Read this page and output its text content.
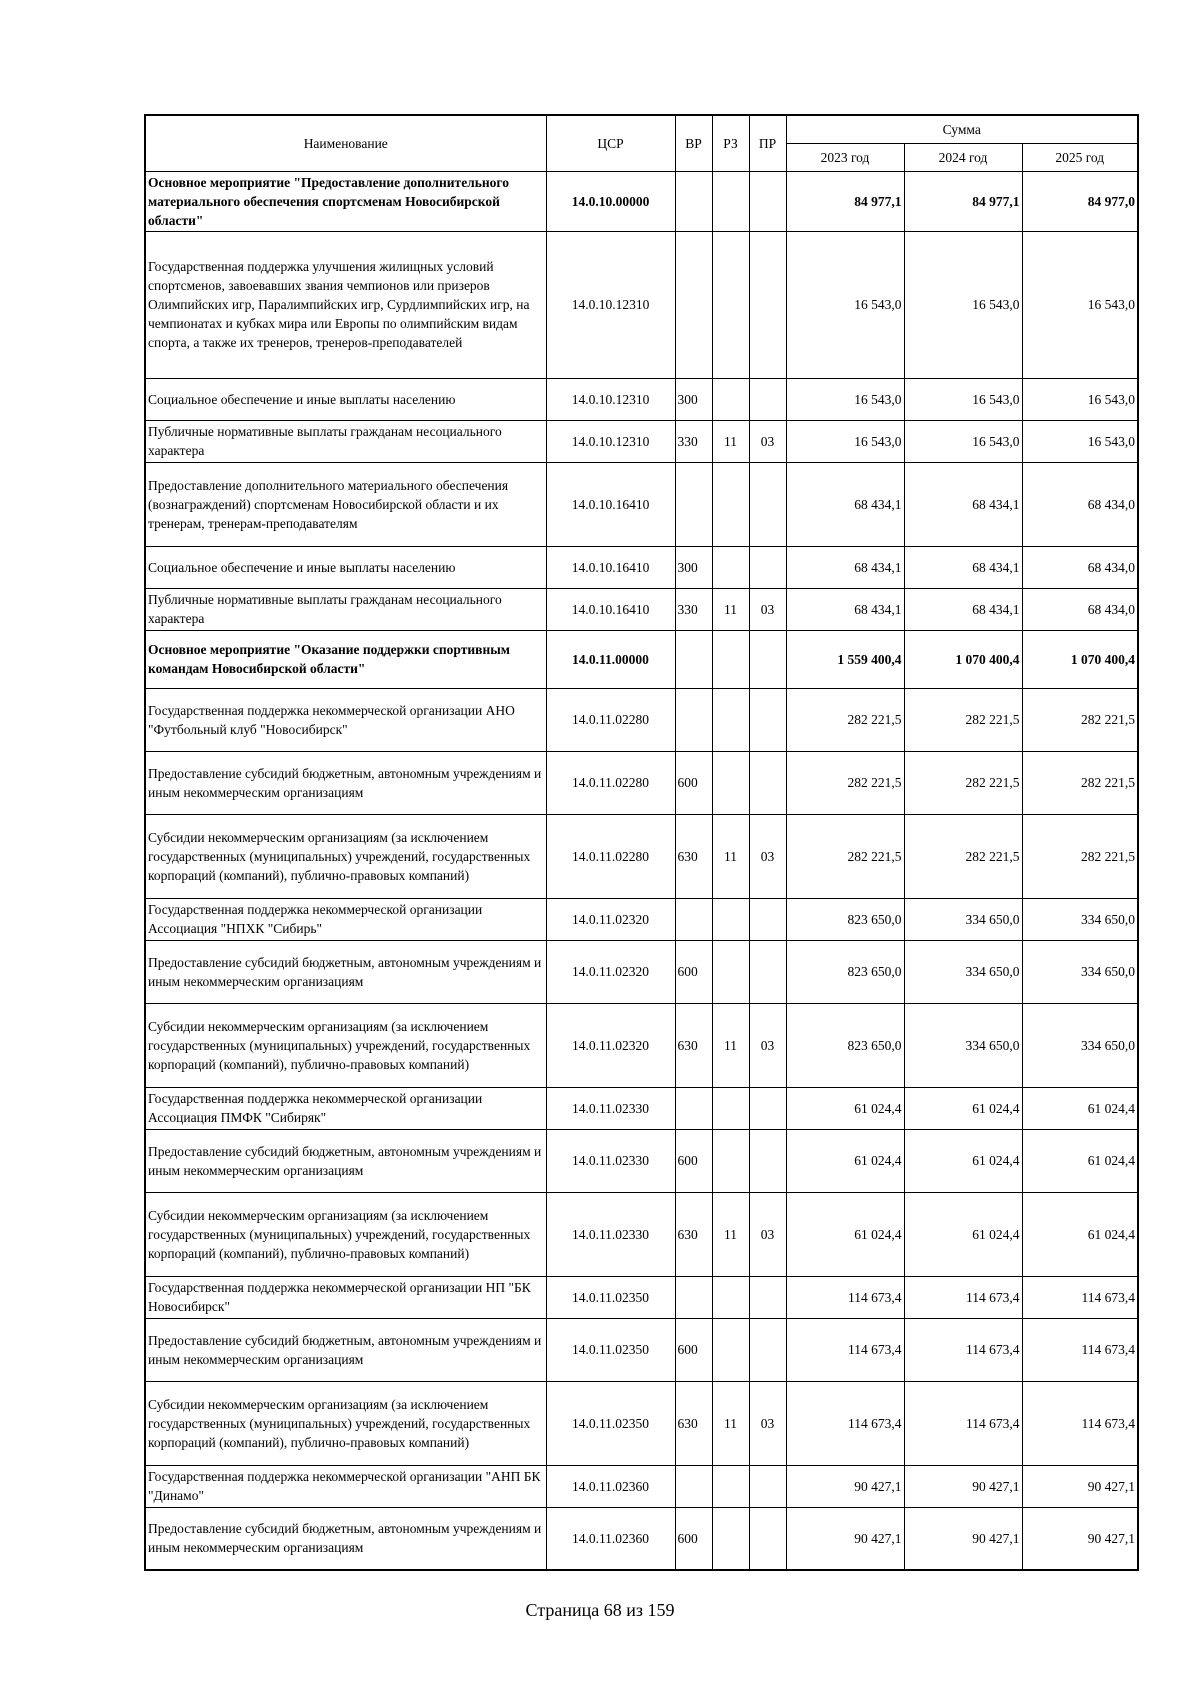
Наименование	ЦСР	ВР	РЗ	ПР	Сумма		
					2023 год	2024 год	2025 год
Основное мероприятие "Предоставление дополнительного материального обеспечения спортсменам Новосибирской области"	14.0.10.00000				84 977,1	84 977,1	84 977,0
Государственная поддержка улучшения жилищных условий спортсменов, завоевавших звания чемпионов или призеров Олимпийских игр, Паралимпийских игр, Сурдлимпийских игр, на чемпионатах и кубках мира или Европы по олимпийским видам спорта, а также их тренеров, тренеров-преподавателей	14.0.10.12310				16 543,0	16 543,0	16 543,0
Социальное обеспечение и иные выплаты населению	14.0.10.12310	300			16 543,0	16 543,0	16 543,0
Публичные нормативные выплаты гражданам несоциального характера	14.0.10.12310	330	11	03	16 543,0	16 543,0	16 543,0
Предоставление дополнительного материального обеспечения (вознаграждений) спортсменам Новосибирской области и их тренерам, тренерам-преподавателям	14.0.10.16410				68 434,1	68 434,1	68 434,0
Социальное обеспечение и иные выплаты населению	14.0.10.16410	300			68 434,1	68 434,1	68 434,0
Публичные нормативные выплаты гражданам несоциального характера	14.0.10.16410	330	11	03	68 434,1	68 434,1	68 434,0
Основное мероприятие "Оказание поддержки спортивным командам Новосибирской области"	14.0.11.00000				1 559 400,4	1 070 400,4	1 070 400,4
Государственная поддержка некоммерческой организации АНО "Футбольный клуб "Новосибирск"	14.0.11.02280				282 221,5	282 221,5	282 221,5
Предоставление субсидий бюджетным, автономным учреждениям и иным некоммерческим организациям	14.0.11.02280	600			282 221,5	282 221,5	282 221,5
Субсидии некоммерческим организациям (за исключением государственных (муниципальных) учреждений, государственных корпораций (компаний), публично-правовых компаний)	14.0.11.02280	630	11	03	282 221,5	282 221,5	282 221,5
Государственная поддержка некоммерческой организации Ассоциация "НПХК "Сибирь"	14.0.11.02320				823 650,0	334 650,0	334 650,0
Предоставление субсидий бюджетным, автономным учреждениям и иным некоммерческим организациям	14.0.11.02320	600			823 650,0	334 650,0	334 650,0
Субсидии некоммерческим организациям (за исключением государственных (муниципальных) учреждений, государственных корпораций (компаний), публично-правовых компаний)	14.0.11.02320	630	11	03	823 650,0	334 650,0	334 650,0
Государственная поддержка некоммерческой организации Ассоциация ПМФК "Сибиряк"	14.0.11.02330				61 024,4	61 024,4	61 024,4
Предоставление субсидий бюджетным, автономным учреждениям и иным некоммерческим организациям	14.0.11.02330	600			61 024,4	61 024,4	61 024,4
Субсидии некоммерческим организациям (за исключением государственных (муниципальных) учреждений, государственных корпораций (компаний), публично-правовых компаний)	14.0.11.02330	630	11	03	61 024,4	61 024,4	61 024,4
Государственная поддержка некоммерческой организации НП "БК Новосибирск"	14.0.11.02350				114 673,4	114 673,4	114 673,4
Предоставление субсидий бюджетным, автономным учреждениям и иным некоммерческим организациям	14.0.11.02350	600			114 673,4	114 673,4	114 673,4
Субсидии некоммерческим организациям (за исключением государственных (муниципальных) учреждений, государственных корпораций (компаний), публично-правовых компаний)	14.0.11.02350	630	11	03	114 673,4	114 673,4	114 673,4
Государственная поддержка некоммерческой организации "АНП БК "Динамо"	14.0.11.02360				90 427,1	90 427,1	90 427,1
Предоставление субсидий бюджетным, автономным учреждениям и иным некоммерческим организациям	14.0.11.02360	600			90 427,1	90 427,1	90 427,1
Страница 68 из 159
